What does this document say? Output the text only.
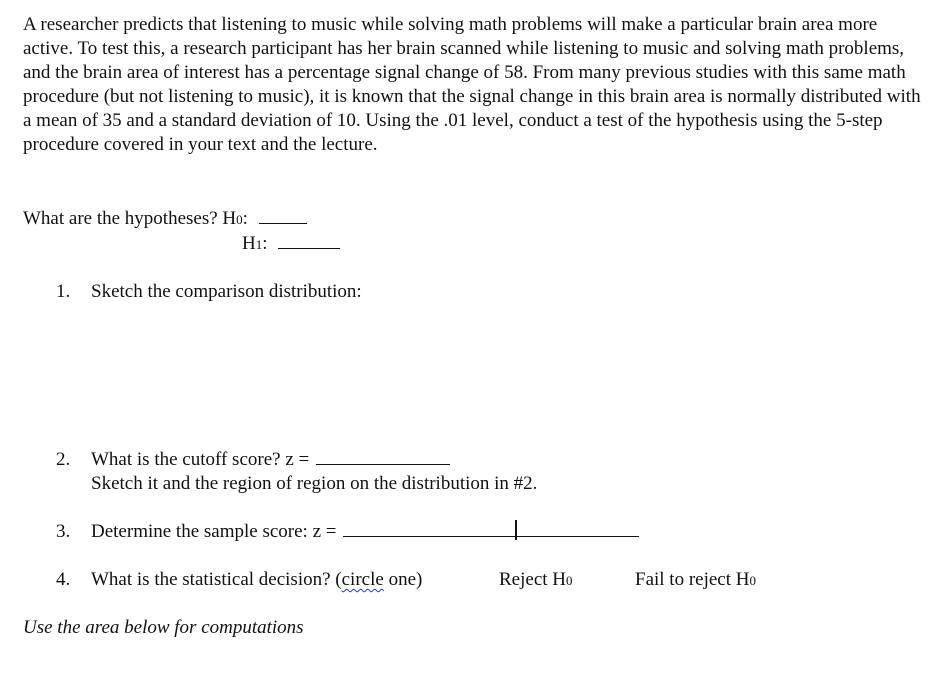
A researcher predicts that listening to music while solving math problems will make a particular brain area more active. To test this, a research participant has her brain scanned while listening to music and solving math problems, and the brain area of interest has a percentage signal change of 58. From many previous studies with this same math procedure (but not listening to music), it is known that the signal change in this brain area is normally distributed with a mean of 35 and a standard deviation of 10. Using the .01 level, conduct a test of the hypothesis using the 5-step procedure covered in your text and the lecture.

What are the hypotheses? H0:
H1:
1. Sketch the comparison distribution:
2. What is the cutoff score? z =
Sketch it and the region of region on the distribution in #2.
3. Determine the sample score: z =
4. What is the statistical decision? (circle one)	Reject H0	Fail to reject H0
Use the area below for computations
